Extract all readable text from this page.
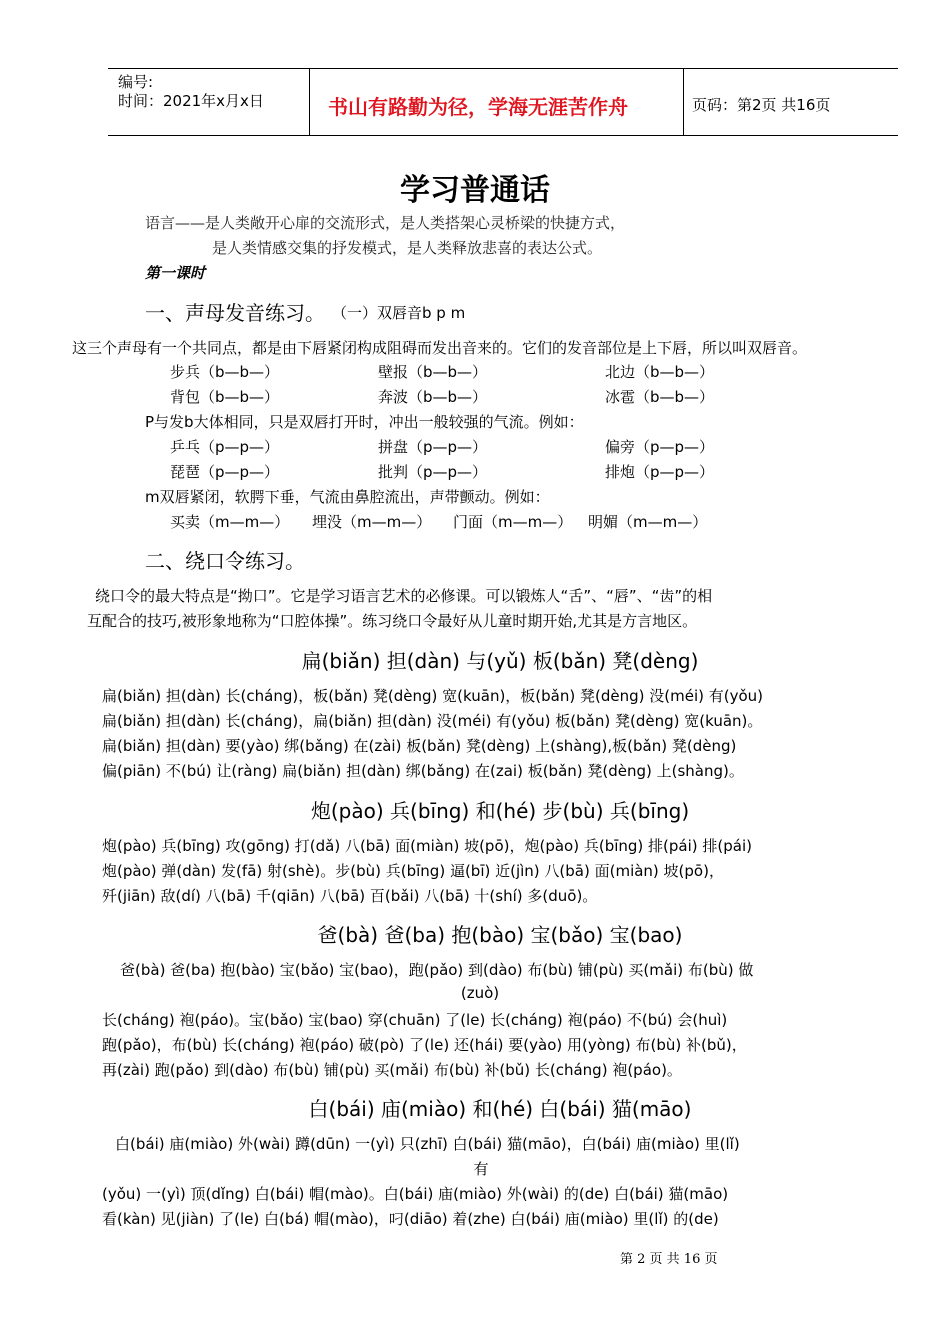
编号:
时间：2021年x月x日	书山有路勤为径，学海无涯苦作舟	页码：第2页 共16页
学习普通话
语言——是人类敞开心扉的交流形式，是人类搭架心灵桥梁的快捷方式，
是人类情感交集的抒发模式，是人类释放悲喜的表达公式。
第一课时
一、声母发音练习。 （一）双唇音b p m
这三个声母有一个共同点，都是由下唇紧闭构成阻碍而发出音来的。它们的发音部位是上下唇，所以叫双唇音。
步兵（b—b—）	壁报（b—b—）	北边（b—b—）
背包（b—b—）	奔波（b—b—）	冰雹（b—b—）
P与发b大体相同，只是双唇打开时，冲出一般较强的气流。例如：
乒乓（p—p—）	拼盘（p—p—）	偏旁（p—p—）
琵琶（p—p—）	批判（p—p—）	排炮（p—p—）
m双唇紧闭，软腭下垂，气流由鼻腔流出，声带颤动。例如：
买卖（m—m—） 埋没（m—m—） 门面（m—m—） 明媚（m—m—）
二、绕口令练习。
绕口令的最大特点是“拗口”。它是学习语言艺术的必修课。可以锻炼人“舌”、“唇”、“齿”的相
互配合的技巧,被形象地称为“口腔体操”。练习绕口令最好从儿童时期开始,尤其是方言地区。
扁(biǎn) 担(dàn) 与(yǔ) 板(bǎn) 凳(dèng)
扁(biǎn) 担(dàn) 长(cháng)，板(bǎn) 凳(dèng) 宽(kuān)，板(bǎn) 凳(dèng) 没(méi) 有(yǒu)
扁(biǎn) 担(dàn) 长(cháng)，扁(biǎn) 担(dàn) 没(méi) 有(yǒu) 板(bǎn) 凳(dèng) 宽(kuān)。
扁(biǎn) 担(dàn) 要(yào) 绑(bǎng) 在(zài) 板(bǎn) 凳(dèng) 上(shàng),板(bǎn) 凳(dèng)
偏(piān) 不(bú) 让(ràng) 扁(biǎn) 担(dàn) 绑(bǎng) 在(zai) 板(bǎn) 凳(dèng) 上(shàng)。
炮(pào) 兵(bīng) 和(hé) 步(bù) 兵(bīng)
炮(pào) 兵(bīng) 攻(gōng) 打(dǎ) 八(bā) 面(miàn) 坡(pō)，炮(pào) 兵(bīng) 排(pái) 排(pái)
炮(pào) 弹(dàn) 发(fā) 射(shè)。步(bù) 兵(bīng) 逼(bī) 近(jìn) 八(bā) 面(miàn) 坡(pō)，
歼(jiān) 敌(dí) 八(bā) 千(qiān) 八(bā) 百(bǎi) 八(bā) 十(shí) 多(duō)。
爸(bà) 爸(ba) 抱(bào) 宝(bǎo) 宝(bao)
爸(bà) 爸(ba) 抱(bào) 宝(bǎo) 宝(bao)，跑(pǎo) 到(dào) 布(bù) 铺(pù) 买(mǎi) 布(bù) 做
(zuò)
长(cháng) 袍(páo)。宝(bǎo) 宝(bao) 穿(chuān) 了(le) 长(cháng) 袍(páo) 不(bú) 会(huì)
跑(pǎo)，布(bù) 长(cháng) 袍(páo) 破(pò) 了(le) 还(hái) 要(yào) 用(yòng) 布(bù) 补(bǔ)，
再(zài) 跑(pǎo) 到(dào) 布(bù) 铺(pù) 买(mǎi) 布(bù) 补(bǔ) 长(cháng) 袍(páo)。
白(bái) 庙(miào) 和(hé) 白(bái) 猫(māo)
白(bái) 庙(miào) 外(wài) 蹲(dūn) 一(yì) 只(zhī) 白(bái) 猫(māo)，白(bái) 庙(miào) 里(lǐ)
有
(yǒu) 一(yì) 顶(dǐng) 白(bái) 帽(mào)。白(bái) 庙(miào) 外(wài) 的(de) 白(bái) 猫(māo)
看(kàn) 见(jiàn) 了(le) 白(bá) 帽(mào)，叼(diāo) 着(zhe) 白(bái) 庙(miào) 里(lǐ) 的(de)
第 2 页 共 16 页
